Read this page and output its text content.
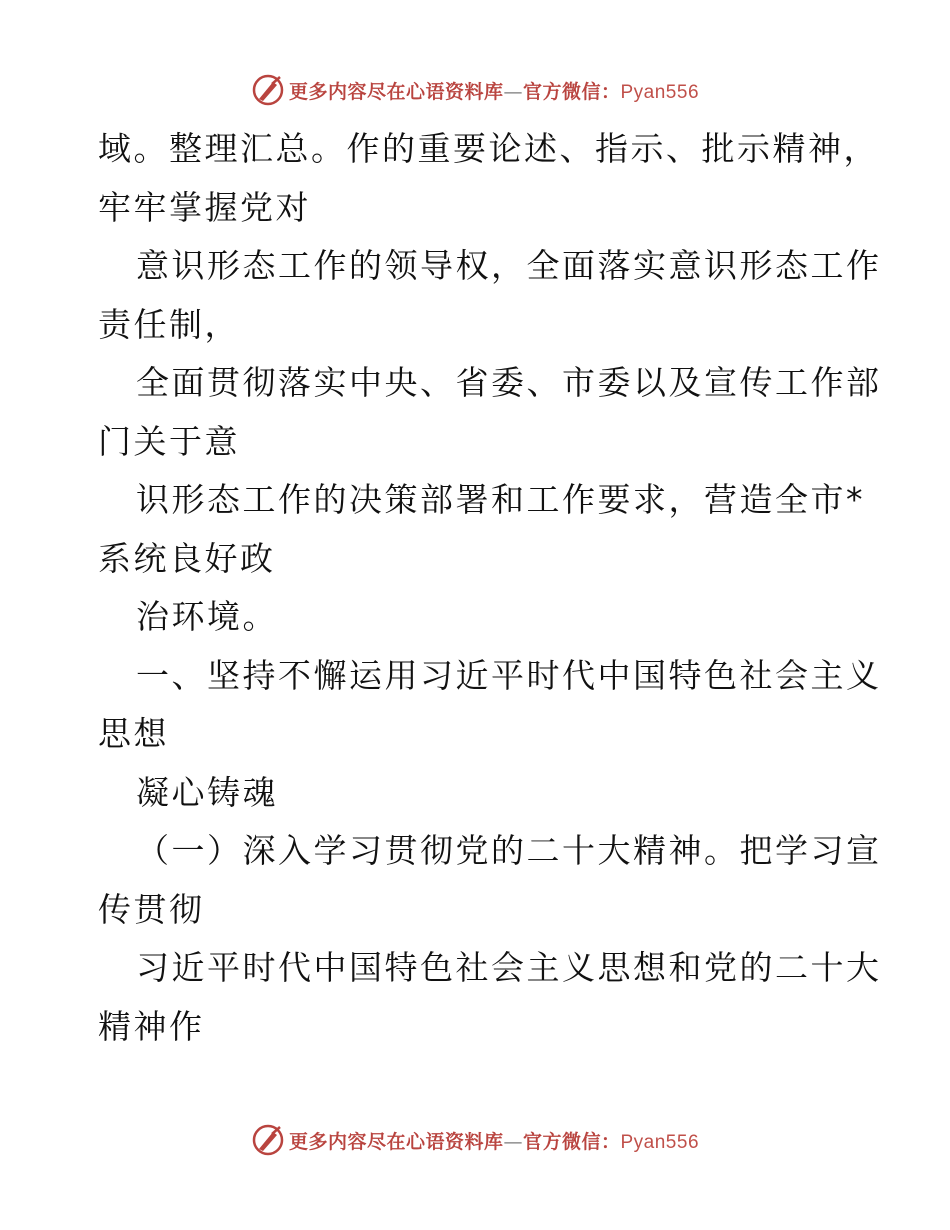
更多内容尽在心语资料库—官方微信：Pyan556
域。整理汇总。作的重要论述、指示、批示精神，
牢牢掌握党对
意识形态工作的领导权，全面落实意识形态工作
责任制，
全面贯彻落实中央、省委、市委以及宣传工作部
门关于意
识形态工作的决策部署和工作要求，营造全市*
系统良好政
治环境。
一、坚持不懈运用习近平时代中国特色社会主义
思想
凝心铸魂
（一）深入学习贯彻党的二十大精神。把学习宣
传贯彻
习近平时代中国特色社会主义思想和党的二十大
精神作
更多内容尽在心语资料库—官方微信：Pyan556
